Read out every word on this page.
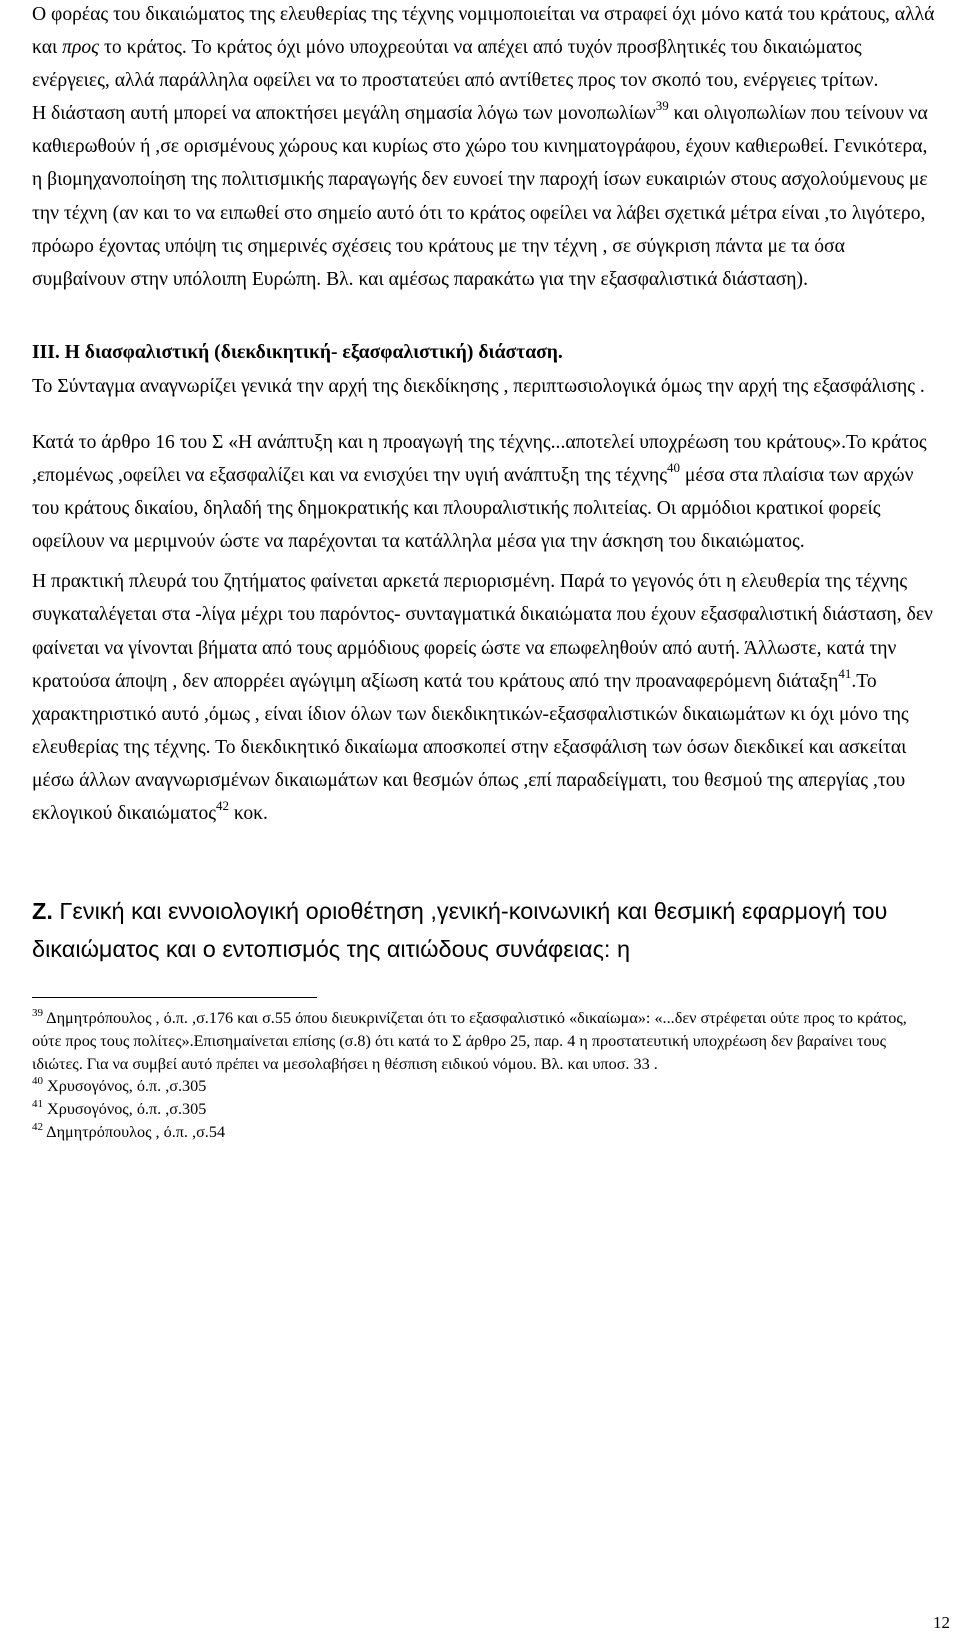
Ο φορέας του δικαιώματος της ελευθερίας της τέχνης νομιμοποιείται να στραφεί όχι μόνο κατά του κράτους, αλλά και προς το κράτος. Το κράτος όχι μόνο υποχρεούται να απέχει από τυχόν προσβλητικές του δικαιώματος ενέργειες, αλλά παράλληλα οφείλει να το προστατεύει από αντίθετες προς τον σκοπό του, ενέργειες τρίτων.

Η διάσταση αυτή μπορεί να αποκτήσει μεγάλη σημασία λόγω των μονοπωλίων$^{39}$ και ολιγοπωλίων που τείνουν να καθιερωθούν ή ,σε ορισμένους χώρους και κυρίως στο χώρο του κινηματογράφου, έχουν καθιερωθεί. Γενικότερα, η βιομηχανοποίηση της πολιτισμικής παραγωγής δεν ευνοεί την παροχή ίσων ευκαιριών στους ασχολούμενους με την τέχνη (αν και το να ειπωθεί στο σημείο αυτό ότι το κράτος οφείλει να λάβει σχετικά μέτρα είναι ,το λιγότερο, πρόωρο έχοντας υπόψη τις σημερινές σχέσεις του κράτους με την τέχνη , σε σύγκριση πάντα με τα όσα συμβαίνουν στην υπόλοιπη Ευρώπη. Βλ. και αμέσως παρακάτω για την εξασφαλιστικά διάσταση).

ΙΙΙ. Η διασφαλιστική (διεκδικητική- εξασφαλιστική) διάσταση.

Το Σύνταγμα αναγνωρίζει γενικά την αρχή της διεκδίκησης , περιπτωσιολογικά όμως την αρχή της εξασφάλισης .

Κατά το άρθρο 16 του Σ «Η ανάπτυξη και η προαγωγή της τέχνης...αποτελεί υποχρέωση του κράτους».Το κράτος ,επομένως ,οφείλει να εξασφαλίζει και να ενισχύει την υγιή ανάπτυξη της τέχνης$^{40}$ μέσα στα πλαίσια των αρχών του κράτους δικαίου, δηλαδή της δημοκρατικής και πλουραλιστικής πολιτείας. Οι αρμόδιοι κρατικοί φορείς οφείλουν να μεριμνούν ώστε να παρέχονται τα κατάλληλα μέσα για την άσκηση του δικαιώματος.

Η πρακτική πλευρά του ζητήματος φαίνεται αρκετά περιορισμένη. Παρά το γεγονός ότι η ελευθερία της τέχνης συγκαταλέγεται στα -λίγα μέχρι του παρόντος- συνταγματικά δικαιώματα που έχουν εξασφαλιστική διάσταση, δεν φαίνεται να γίνονται βήματα από τους αρμόδιους φορείς ώστε να επωφεληθούν από αυτή. Άλλωστε, κατά την κρατούσα άποψη , δεν απορρέει αγώγιμη αξίωση κατά του κράτους από την προαναφερόμενη διάταξη$^{41}$.Το χαρακτηριστικό αυτό ,όμως , είναι ίδιον όλων των διεκδικητικών-εξασφαλιστικών δικαιωμάτων κι όχι μόνο της ελευθερίας της τέχνης. Το διεκδικητικό δικαίωμα αποσκοπεί στην εξασφάλιση των όσων διεκδικεί και ασκείται μέσω άλλων αναγνωρισμένων δικαιωμάτων και θεσμών όπως ,επί παραδείγματι, του θεσμού της απεργίας ,του εκλογικού δικαιώματος$^{42}$ κοκ.

Ζ. Γενική και εννοιολογική οριοθέτηση ,γενική-κοινωνική και θεσμική εφαρμογή του δικαιώματος και ο εντοπισμός της αιτιώδους συνάφειας: η

$^{39}$ Δημητρόπουλος , ό.π. ,σ.176 και σ.55 όπου διευκρινίζεται ότι το εξασφαλιστικό «δικαίωμα»: «...δεν στρέφεται ούτε προς το κράτος, ούτε προς τους πολίτες».Επισημαίνεται επίσης (σ.8) ότι κατά το Σ άρθρο 25, παρ. 4 η προστατευτική υποχρέωση δεν βαραίνει τους ιδιώτες. Για να συμβεί αυτό πρέπει να μεσολαβήσει η θέσπιση ειδικού νόμου. Βλ. και υποσ. 33 .

$^{40}$ Χρυσογόνος, ό.π. ,σ.305

$^{41}$ Χρυσογόνος, ό.π. ,σ.305

$^{42}$ Δημητρόπουλος , ό.π. ,σ.54

12
